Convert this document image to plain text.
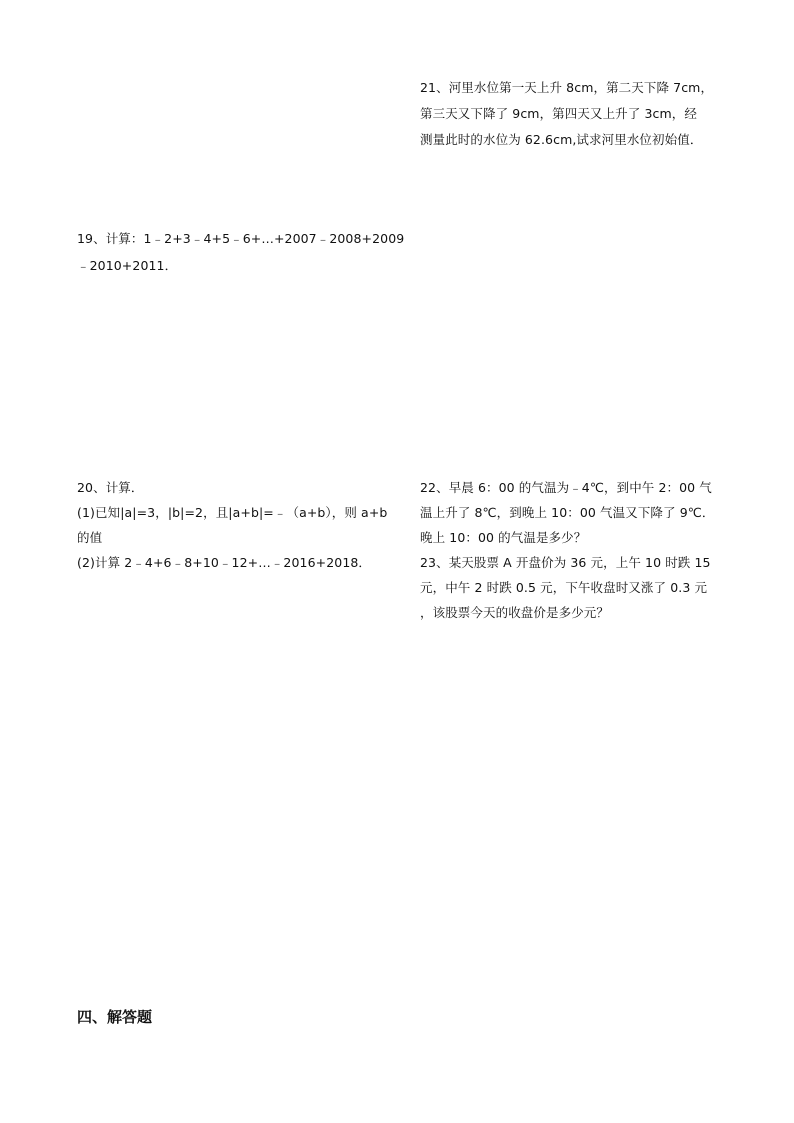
21、河里水位第一天上升 8cm，第二天下降 7cm，
第三天又下降了 9cm，第四天又上升了 3cm，经
测量此时的水位为 62.6cm,试求河里水位初始值．
19、计算：1﹣2+3﹣4+5﹣6+…+2007﹣2008+2009
﹣2010+2011．
20、计算．
(1)已知|a|=3，|b|=2，且|a+b|=﹣（a+b），则 a+b
的值
(2)计算 2﹣4+6﹣8+10﹣12+…﹣2016+2018．
22、早晨 6：00 的气温为﹣4℃，到中午 2：00 气
温上升了 8℃，到晚上 10：00 气温又下降了 9℃．
晚上 10：00 的气温是多少？
23、某天股票 A 开盘价为 36 元，上午 10 时跌 15
元，中午 2 时跌 0.5 元，下午收盘时又涨了 0.3 元
，该股票今天的收盘价是多少元？
四、解答题
